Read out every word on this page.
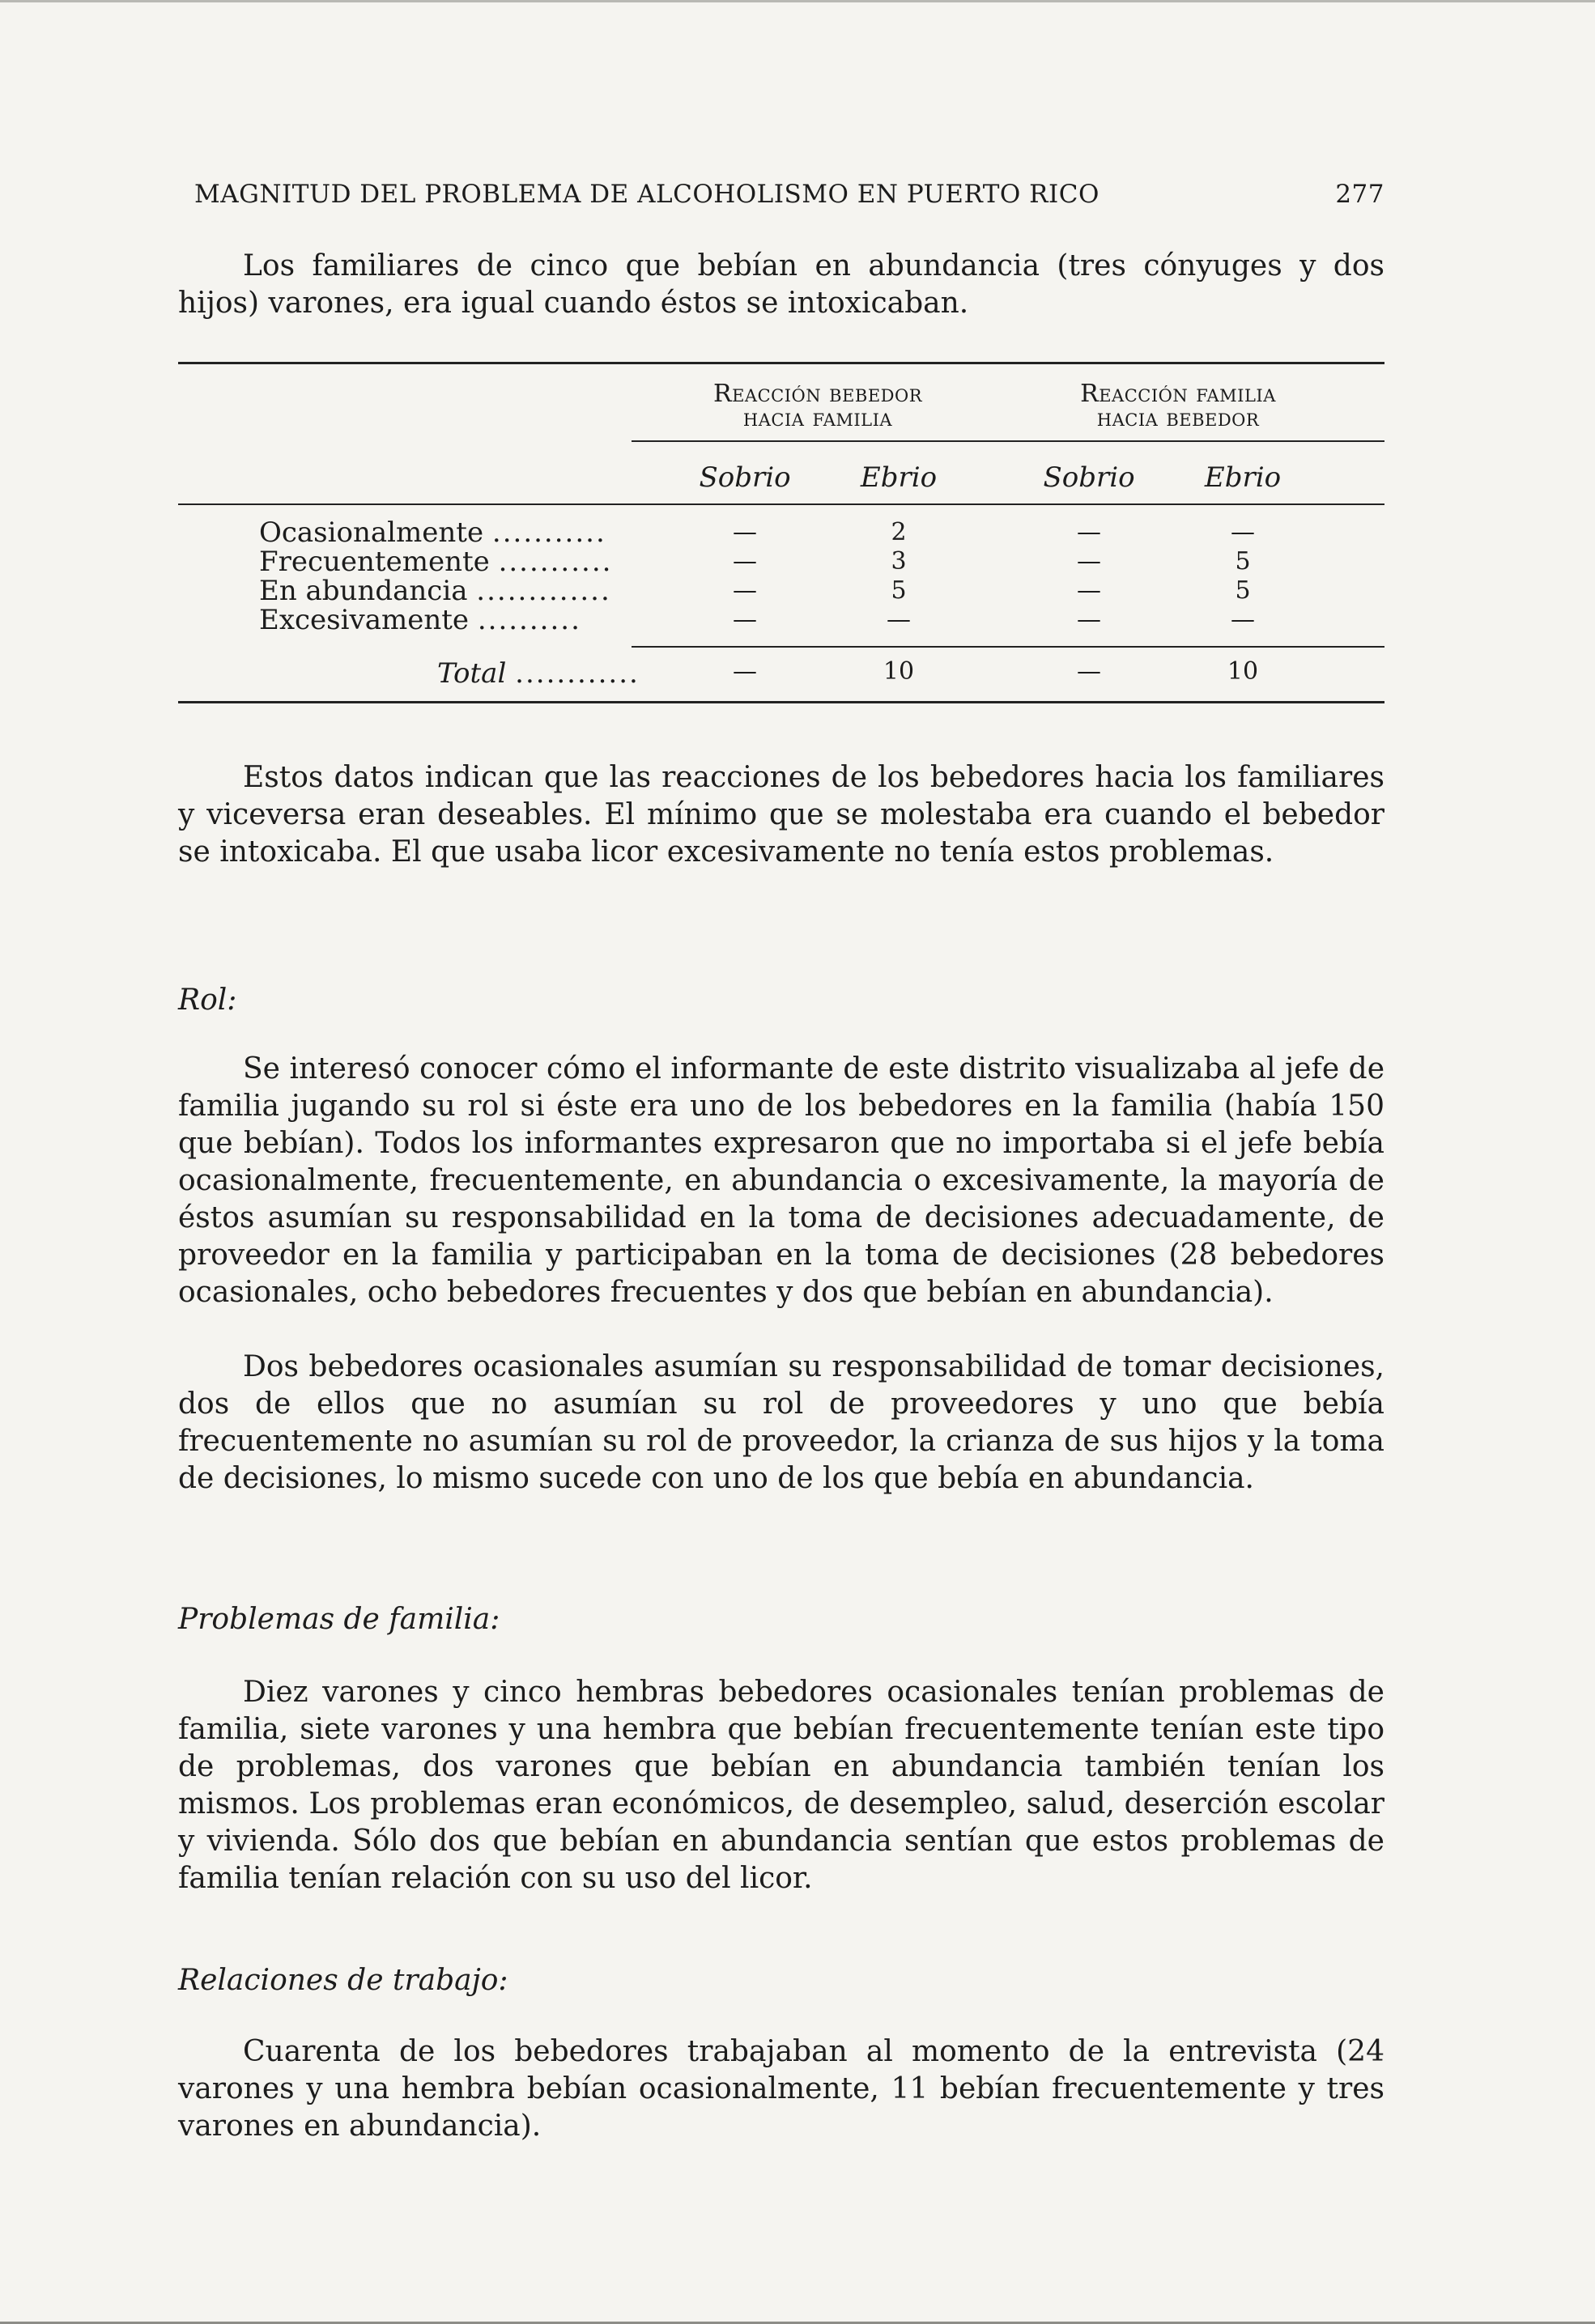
MAGNITUD DEL PROBLEMA DE ALCOHOLISMO EN PUERTO RICO	277

Los familiares de cinco que bebían en abundancia (tres cónyuges y dos hijos) varones, era igual cuando éstos se intoxicaban.

Reacción bebedor
hacia familia
Reacción familia
hacia bebedor
Sobrio	Ebrio	Sobrio	Ebrio
Ocasionalmente ...........	—	2	—	—
Frecuentemente ...........	—	3	—	5
En abundancia .............	—	5	—	5
Excesivamente ..........	—	—	—	—
Total ............	—	10	—	10

Estos datos indican que las reacciones de los bebedores hacia los familiares y viceversa eran deseables. El mínimo que se molestaba era cuando el bebedor se intoxicaba. El que usaba licor excesivamente no tenía estos problemas.

Rol:

Se interesó conocer cómo el informante de este distrito visualizaba al jefe de familia jugando su rol si éste era uno de los bebedores en la familia (había 150 que bebían). Todos los informantes expresaron que no importaba si el jefe bebía ocasionalmente, frecuentemente, en abundancia o excesivamente, la mayoría de éstos asumían su responsabilidad en la toma de decisiones adecuadamente, de proveedor en la familia y participaban en la toma de decisiones (28 bebedores ocasionales, ocho bebedores frecuentes y dos que bebían en abundancia).

Dos bebedores ocasionales asumían su responsabilidad de tomar decisiones, dos de ellos que no asumían su rol de proveedores y uno que bebía frecuentemente no asumían su rol de proveedor, la crianza de sus hijos y la toma de decisiones, lo mismo sucede con uno de los que bebía en abundancia.

Problemas de familia:

Diez varones y cinco hembras bebedores ocasionales tenían problemas de familia, siete varones y una hembra que bebían frecuentemente tenían este tipo de problemas, dos varones que bebían en abundancia también tenían los mismos. Los problemas eran económicos, de desempleo, salud, deserción escolar y vivienda. Sólo dos que bebían en abundancia sentían que estos problemas de familia tenían relación con su uso del licor.

Relaciones de trabajo:

Cuarenta de los bebedores trabajaban al momento de la entrevista (24 varones y una hembra bebían ocasionalmente, 11 bebían frecuentemente y tres varones en abundancia).
